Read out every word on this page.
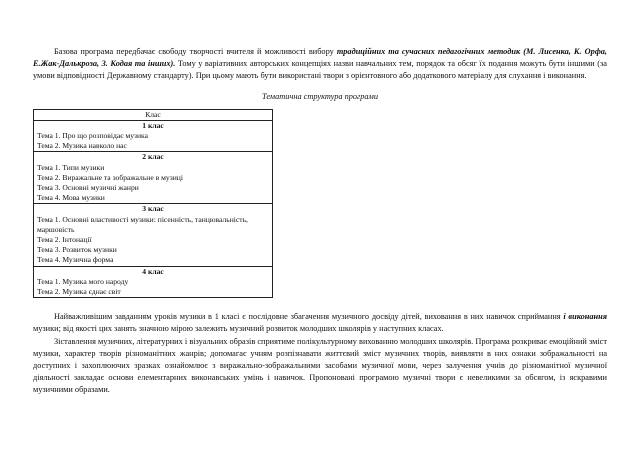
Базова програма передбачає свободу творчості вчителя й можливості вибору традиційних та сучасних педагогічних методик (М. Лисенка, К. Орфа, Е.Жак-Далькроза, З. Кодая та інших). Тому у варіативних авторських концепціях назви навчальних тем, порядок та обсяг їх подання можуть бути іншими (за умови відповідності Державному стандарту). При цьому мають бути використані твори з орієнтовного або додаткового матеріалу для слухання і виконання.

Тематична структура програми
Клас

1 клас
Тема 1. Про що розповідає музика
Тема 2. Музика навколо нас

2 клас
Тема 1. Типи музики
Тема 2. Виражальне та зображальне в музиці
Тема 3. Основні музичні жанри
Тема 4. Мова музики

3 клас
Тема 1. Основні властивості музики: пісенність, танцювальність, маршовість
Тема 2. Інтонації
Тема 3. Розвиток музики
Тема 4. Музична форма

4 клас
Тема 1. Музика мого народу
Тема 2. Музика єднає світ

Найважливішим завданням уроків музики в 1 класі є послідовне збагачення музичного досвіду дітей, виховання в них навичок сприймання і виконання музики; від якості цих занять значною мірою залежить музичний розвиток молодших школярів у наступних класах.

Зіставлення музичних, літературних і візуальних образів сприятиме полікультурному вихованню молодших школярів. Програма розкриває емоційний зміст музики, характер творів різноманітних жанрів; допомагає учням розпізнавати життєвий зміст музичних творів, виявляти в них ознаки зображальності на доступних і захоплюючих зразках ознайомлює з виражально-зображальними засобами музичної мови, через залучення учнів до різноманітної музичної діяльності закладає основи елементарних виконавських умінь і навичок. Пропоновані програмою музичні твори є невеликими за обсягом, із яскравими музичними образами.
